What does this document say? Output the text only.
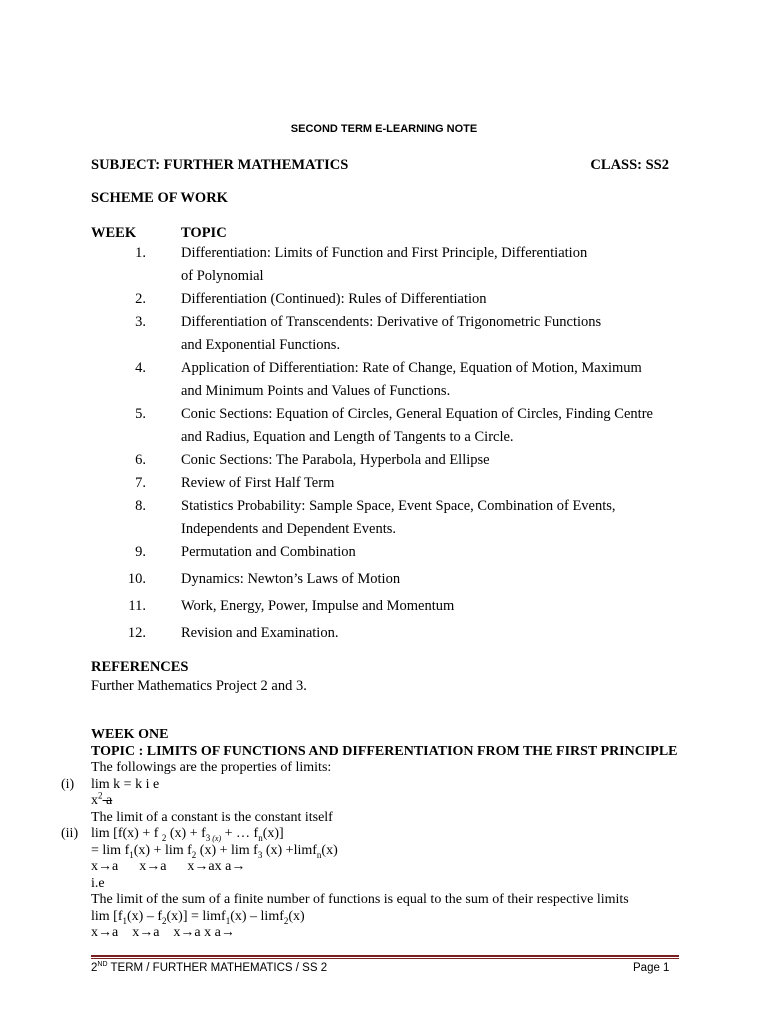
SECOND TERM E-LEARNING NOTE
SUBJECT: FURTHER MATHEMATICS	CLASS: SS2
SCHEME OF WORK
WEEK	TOPIC
1. Differentiation: Limits of Function and First Principle, Differentiation
of Polynomial
2. Differentiation (Continued): Rules of Differentiation
3. Differentiation of Transcendents: Derivative of Trigonometric Functions
and Exponential Functions.
4. Application of Differentiation: Rate of Change, Equation of Motion, Maximum
and Minimum Points and Values of Functions.
5. Conic Sections: Equation of Circles, General Equation of Circles, Finding Centre
and Radius, Equation and Length of Tangents to a Circle.
6. Conic Sections: The Parabola, Hyperbola and Ellipse
7. Review of First Half Term
8. Statistics Probability: Sample Space, Event Space, Combination of Events,
Independents and Dependent Events.
9. Permutation and Combination
10. Dynamics: Newton’s Laws of Motion
11. Work, Energy, Power, Impulse and Momentum
12. Revision and Examination.
REFERENCES
Further Mathematics Project 2 and 3.
WEEK ONE
TOPIC : LIMITS OF FUNCTIONS AND DIFFERENTIATION FROM THE FIRST PRINCIPLE
The followings are the properties of limits:
(i) lim k = k i e
$x^2$ a
The limit of a constant is the constant itself
(ii) lim [f(x) + f $_2$ $(x) + f_3$ $_{(x)}$ + … $f_n(x)$]
= $\lim f_1(x) + \lim f_2$ $(x) + \lim f_3$ (x) +limf$_n$(x)
x→a      x→a      x→ax a→
i.e
The limit of the sum of a finite number of functions is equal to the sum of their respective limits
$\lim [f_1(x) - f_2(x)] = \lim f_1(x) - \lim f_2(x)$
x→a    x→a    x→a x a→
2ND TERM / FURTHER MATHEMATICS / SS 2	Page 1
